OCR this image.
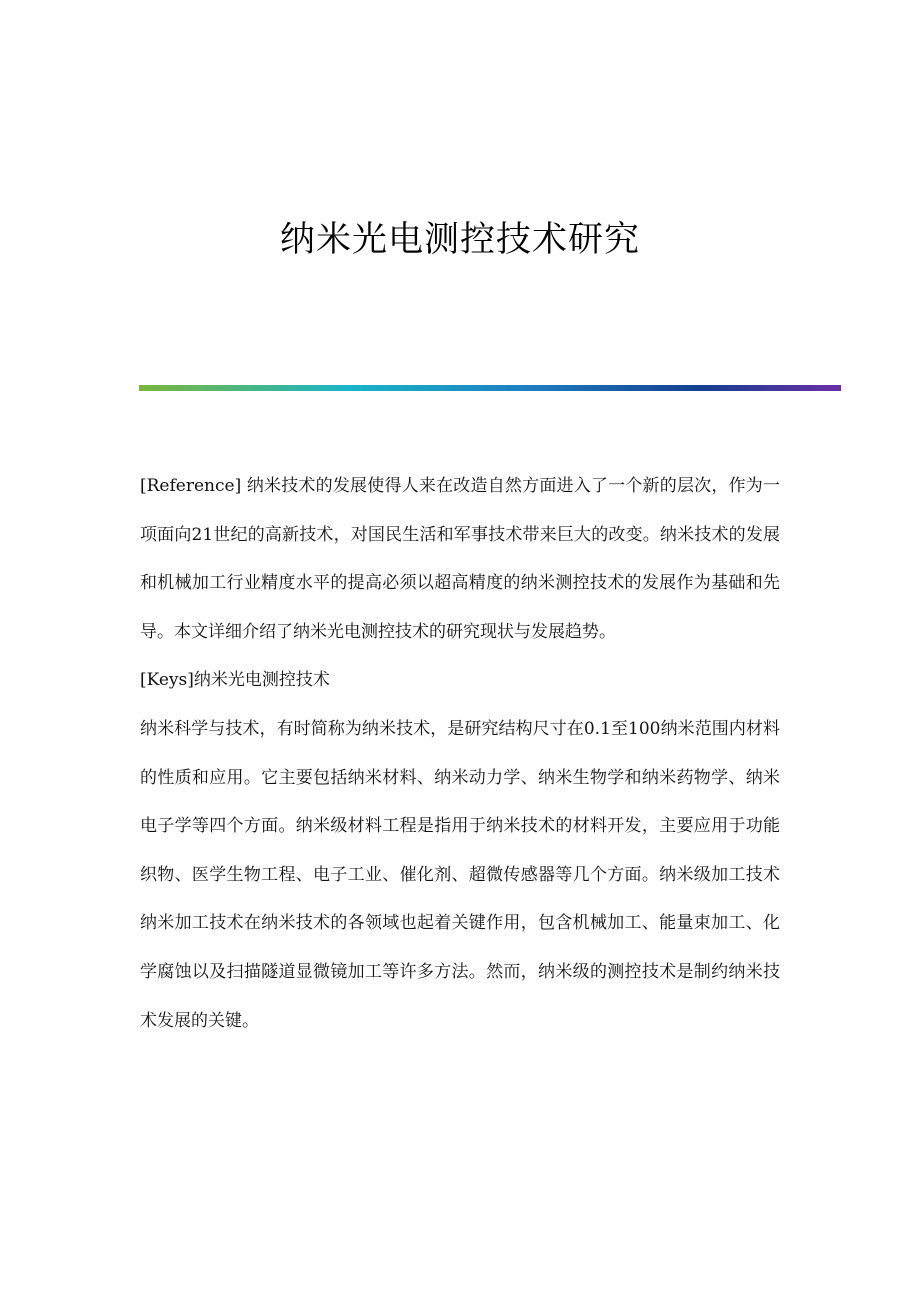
纳米光电测控技术研究

[Reference] 纳米技术的发展使得人来在改造自然方面进入了一个新的层次，作为一项面向21世纪的高新技术，对国民生活和军事技术带来巨大的改变。纳米技术的发展和机械加工行业精度水平的提高必须以超高精度的纳米测控技术的发展作为基础和先导。本文详细介绍了纳米光电测控技术的研究现状与发展趋势。

[Keys]纳米光电测控技术

纳米科学与技术，有时简称为纳米技术，是研究结构尺寸在0.1至100纳米范围内材料的性质和应用。它主要包括纳米材料、纳米动力学、纳米生物学和纳米药物学、纳米电子学等四个方面。纳米级材料工程是指用于纳米技术的材料开发，主要应用于功能织物、医学生物工程、电子工业、催化剂、超微传感器等几个方面。纳米级加工技术纳米加工技术在纳米技术的各领域也起着关键作用，包含机械加工、能量束加工、化学腐蚀以及扫描隧道显微镜加工等许多方法。然而，纳米级的测控技术是制约纳米技术发展的关键。
